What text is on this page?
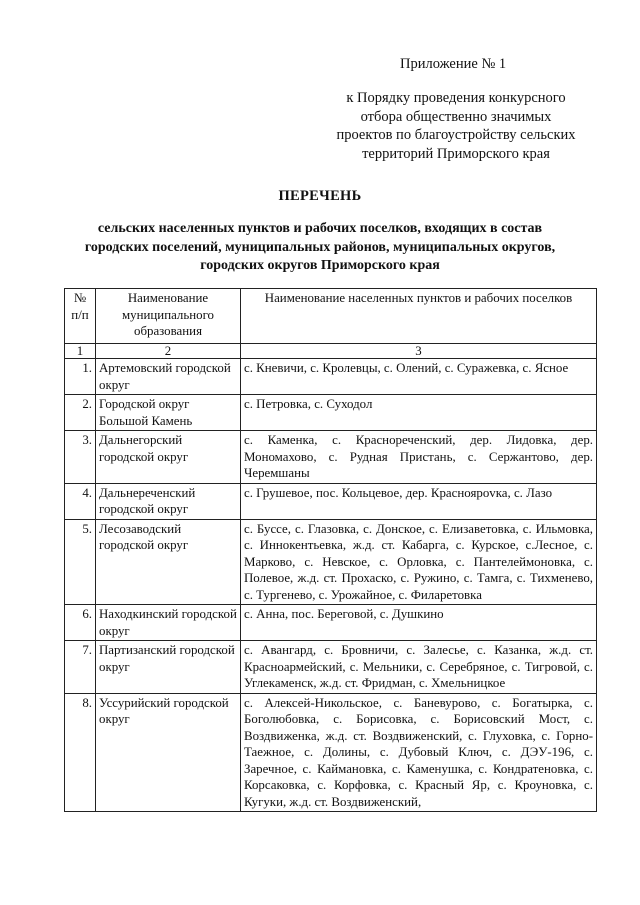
Приложение № 1
к Порядку проведения конкурсного
отбора общественно значимых
проектов по благоустройству сельских
территорий Приморского края
ПЕРЕЧЕНЬ
сельских населенных пунктов и рабочих поселков, входящих в состав
городских поселений, муниципальных районов, муниципальных округов,
городских округов Приморского края
№ п/п	Наименование муниципального образования	Наименование населенных пунктов и рабочих поселков
1	2	3
1.	Артемовский городской округ	с. Кневичи, с. Кролевцы, с. Олений, с. Суражевка, с. Ясное
2.	Городской округ Большой Камень	с. Петровка, с. Суходол
3.	Дальнегорский городской округ	с. Каменка, с. Краснореченский, дер. Лидовка, дер. Мономахово, с. Рудная Пристань, с. Сержантово, дер. Черемшаны
4.	Дальнереченский городской округ	с. Грушевое, пос. Кольцевое, дер. Красноярovка, с. Лазо
5.	Лесозаводский городской округ	с. Буссе, с. Глазовка, с. Донское, с. Елизаветовка, с. Ильмовка, с. Иннокентьевка, ж.д. ст. Кабарга, с. Курское, с.Лесное, с. Марково, с. Невское, с. Орловка, с. Пантелеймоновка, с. Полевое, ж.д. ст. Прохаско, с. Ружино, с. Тамга, с. Тихменево, с. Тургенево, с. Урожайное, с. Филаретовка
6.	Находкинский городской округ	с. Анна, пос. Береговой, с. Душкино
7.	Партизанский городской округ	с. Авангард, с. Бровничи, с. Залесье, с. Казанка, ж.д. ст. Красноармейский, с. Мельники, с. Серебряное, с. Тигровой, с. Углекаменск, ж.д. ст. Фридман, с. Хмельницкое
8.	Уссурийский городской округ	с. Алексей-Никольское, с. Баневурово, с. Богатырка, с. Боголюбовка, с. Борисовка, с. Борисовский Мост, с. Воздвиженка, ж.д. ст. Воздвиженский, с. Глуховка, с. Горно-Таежное, с. Долины, с. Дубовый Ключ, с. ДЭУ-196, с. Заречное, с. Каймановка, с. Каменушка, с. Кондратеновка, с. Корсаковка, с. Корфовка, с. Красный Яр, с. Кроуновка, с. Кугуки, ж.д. ст. Воздвиженский,
